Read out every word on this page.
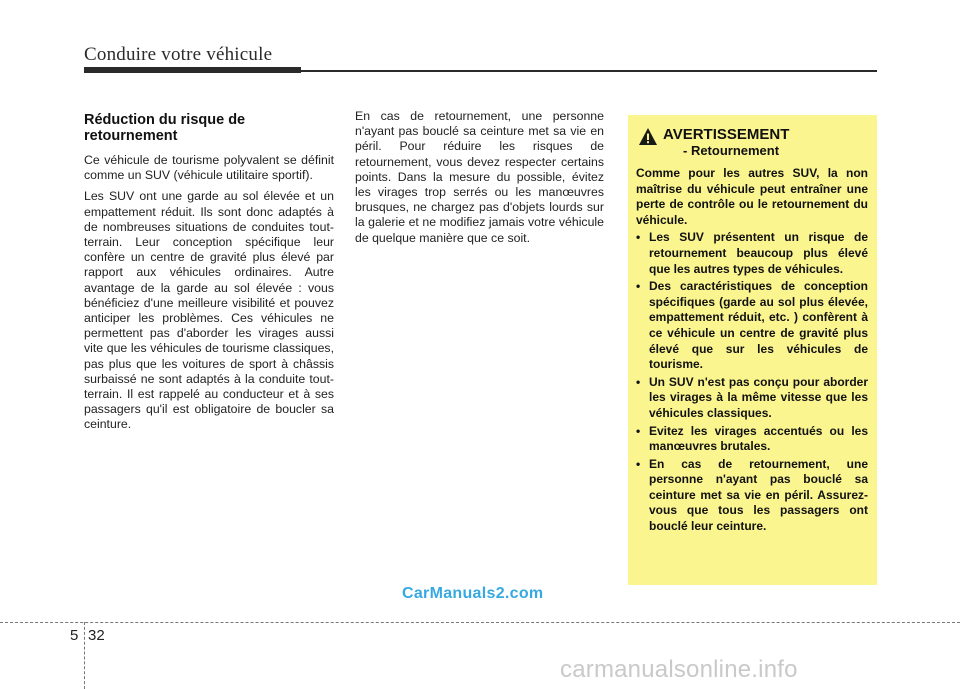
Conduire votre véhicule
Réduction du risque de retournement

Ce véhicule de tourisme polyvalent se définit comme un SUV (véhicule utilitaire sportif).

Les SUV ont une garde au sol élevée et un empattement réduit. Ils sont donc adaptés à de nombreuses situations de conduites tout-terrain. Leur conception spécifique leur confère un centre de gravité plus élevé par rapport aux véhicules ordinaires. Autre avantage de la garde au sol élevée : vous bénéficiez d'une meilleure visibilité et pouvez anticiper les problèmes. Ces véhicules ne permettent pas d'aborder les virages aussi vite que les véhicules de tourisme classiques, pas plus que les voitures de sport à châssis surbaissé ne sont adaptés à la conduite tout-terrain. Il est rappelé au conducteur et à ses passagers qu'il est obligatoire de boucler sa ceinture.

En cas de retournement, une personne n'ayant pas bouclé sa ceinture met sa vie en péril. Pour réduire les risques de retournement, vous devez respecter certains points. Dans la mesure du possible, évitez les virages trop serrés ou les manœuvres brusques, ne chargez pas d'objets lourds sur la galerie et ne modifiez jamais votre véhicule de quelque manière que ce soit.

AVERTISSEMENT
- Retournement

Comme pour les autres SUV, la non maîtrise du véhicule peut entraîner une perte de contrôle ou le retournement du véhicule.

• Les SUV présentent un risque de retournement beaucoup plus élevé que les autres types de véhicules.
• Des caractéristiques de conception spécifiques (garde au sol plus élevée, empattement réduit, etc. ) confèrent à ce véhicule un centre de gravité plus élevé que sur les véhicules de tourisme.
• Un SUV n'est pas conçu pour aborder les virages à la même vitesse que les véhicules classiques.
• Evitez les virages accentués ou les manœuvres brutales.
• En cas de retournement, une personne n'ayant pas bouclé sa ceinture met sa vie en péril. Assurez-vous que tous les passagers ont bouclé leur ceinture.
CarManuals2.com
5 32
carmanualsonline.info
